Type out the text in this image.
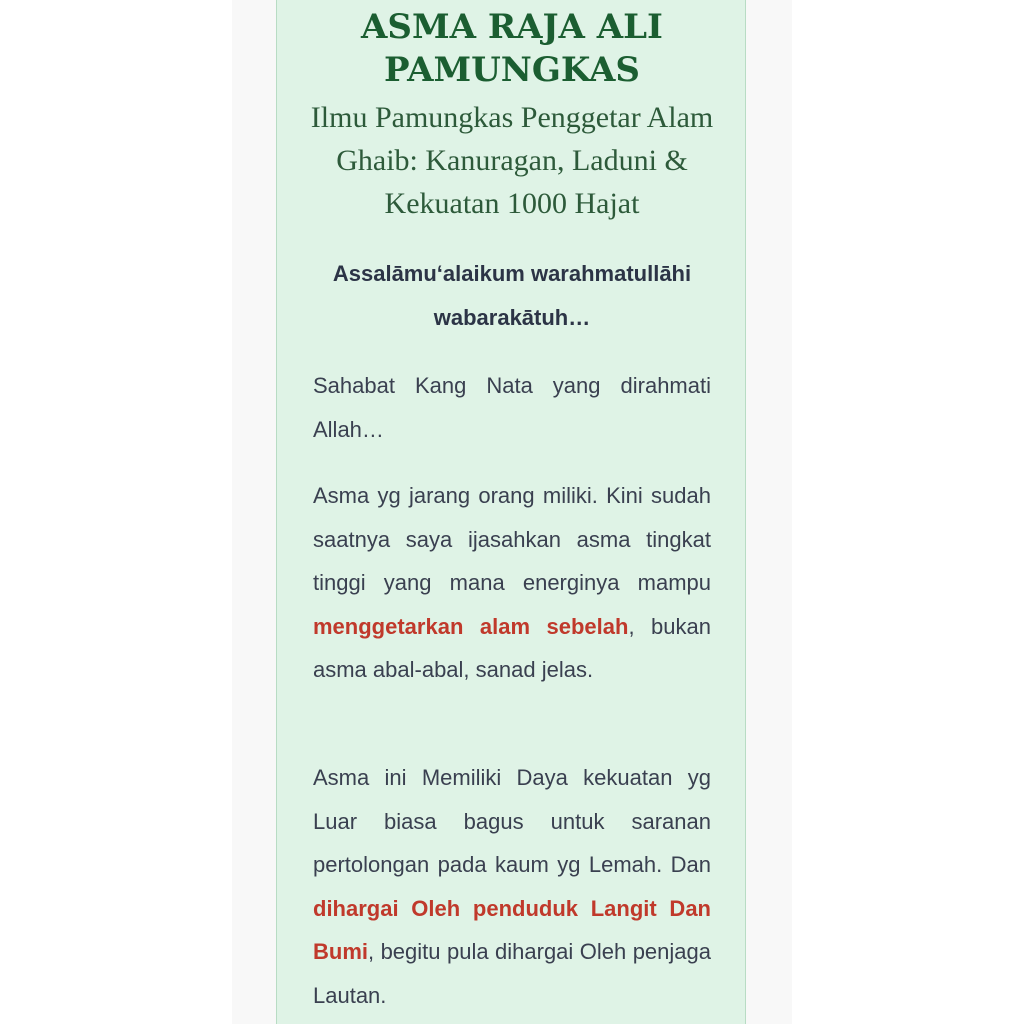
ASMA RAJA ALI PAMUNGKAS

Ilmu Pamungkas Penggetar Alam Ghaib: Kanuragan, Laduni & Kekuatan 1000 Hajat

Assalāmu‘alaikum warahmatullāhi wabarakātuh…

Sahabat Kang Nata yang dirahmati Allah…

Asma yg jarang orang miliki. Kini sudah saatnya saya ijasahkan asma tingkat tinggi yang mana energinya mampu menggetarkan alam sebelah, bukan asma abal-abal, sanad jelas.

Asma ini Memiliki Daya kekuatan yg Luar biasa bagus untuk saranan pertolongan pada kaum yg Lemah. Dan dihargai Oleh penduduk Langit Dan Bumi, begitu pula dihargai Oleh penjaga Lautan.
